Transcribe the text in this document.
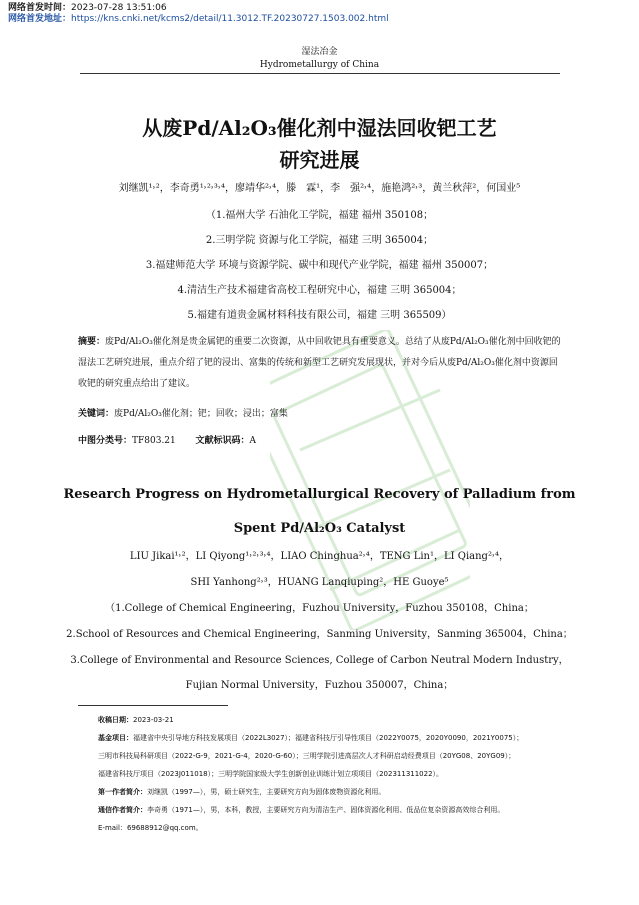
网络首发时间：2023-07-28 13:51:06
网络首发地址：https://kns.cnki.net/kcms2/detail/11.3012.TF.20230727.1503.002.html
湿法冶金
Hydrometallurgy of China
从废Pd/Al₂O₃催化剂中湿法回收钯工艺
研究进展
刘继凯¹˒²，李奇勇¹˒²˒³˒⁴，廖靖华²˒⁴，滕　霖¹，李　强²˒⁴，施艳鸿²˒³，黄兰秋萍²，何国业⁵
（1.福州大学 石油化工学院，福建 福州 350108；
2.三明学院 资源与化工学院，福建 三明 365004；
3.福建师范大学 环境与资源学院、碳中和现代产业学院，福建 福州 350007；
4.清洁生产技术福建省高校工程研究中心，福建 三明 365004；
5.福建有道贵金属材料科技有限公司，福建 三明 365509）
摘要：废Pd/Al₂O₃催化剂是贵金属钯的重要二次资源，从中回收钯具有重要意义。总结了从废Pd/Al₂O₃催化剂中回收钯的湿法工艺研究进展，重点介绍了钯的浸出、富集的传统和新型工艺研究发展现状，并对今后从废Pd/Al₂O₃催化剂中资源回收钯的研究重点给出了建议。
关键词：废Pd/Al₂O₃催化剂；钯；回收；浸出；富集
中图分类号：TF803.21 文献标识码：A
Research Progress on Hydrometallurgical Recovery of Palladium from
Spent Pd/Al₂O₃ Catalyst
LIU Jikai¹˒²，LI Qiyong¹˒²˒³˒⁴，LIAO Chinghua²˒⁴，TENG Lin¹，LI Qiang²˒⁴，
SHI Yanhong²˒³，HUANG Lanqiuping²，HE Guoye⁵
（1.College of Chemical Engineering，Fuzhou University，Fuzhou 350108，China；
2.School of Resources and Chemical Engineering，Sanming University，Sanming 365004，China；
3.College of Environmental and Resource Sciences, College of Carbon Neutral Modern Industry，
Fujian Normal University，Fuzhou 350007，China；
收稿日期：2023-03-21
基金项目：福建省中央引导地方科技发展项目（2022L3027）；福建省科技厅引导性项目（2022Y0075，2020Y0090，2021Y0075）；
三明市科技局科研项目（2022-G-9，2021-G-4，2020-G-60）；三明学院引进高层次人才科研启动经费项目（20YG08、20YG09）；
福建省科技厅项目（2023J011018）；三明学院国家级大学生创新创业训练计划立项项目（202311311022）。
第一作者简介：刘继凯（1997—），男，硕士研究生，主要研究方向为固体废物资源化利用。
通信作者简介：李奇勇（1971—），男，本科，教授，主要研究方向为清洁生产、固体资源化利用、低品位复杂资源高效综合利用。
E-mail：69688912@qq.com。
